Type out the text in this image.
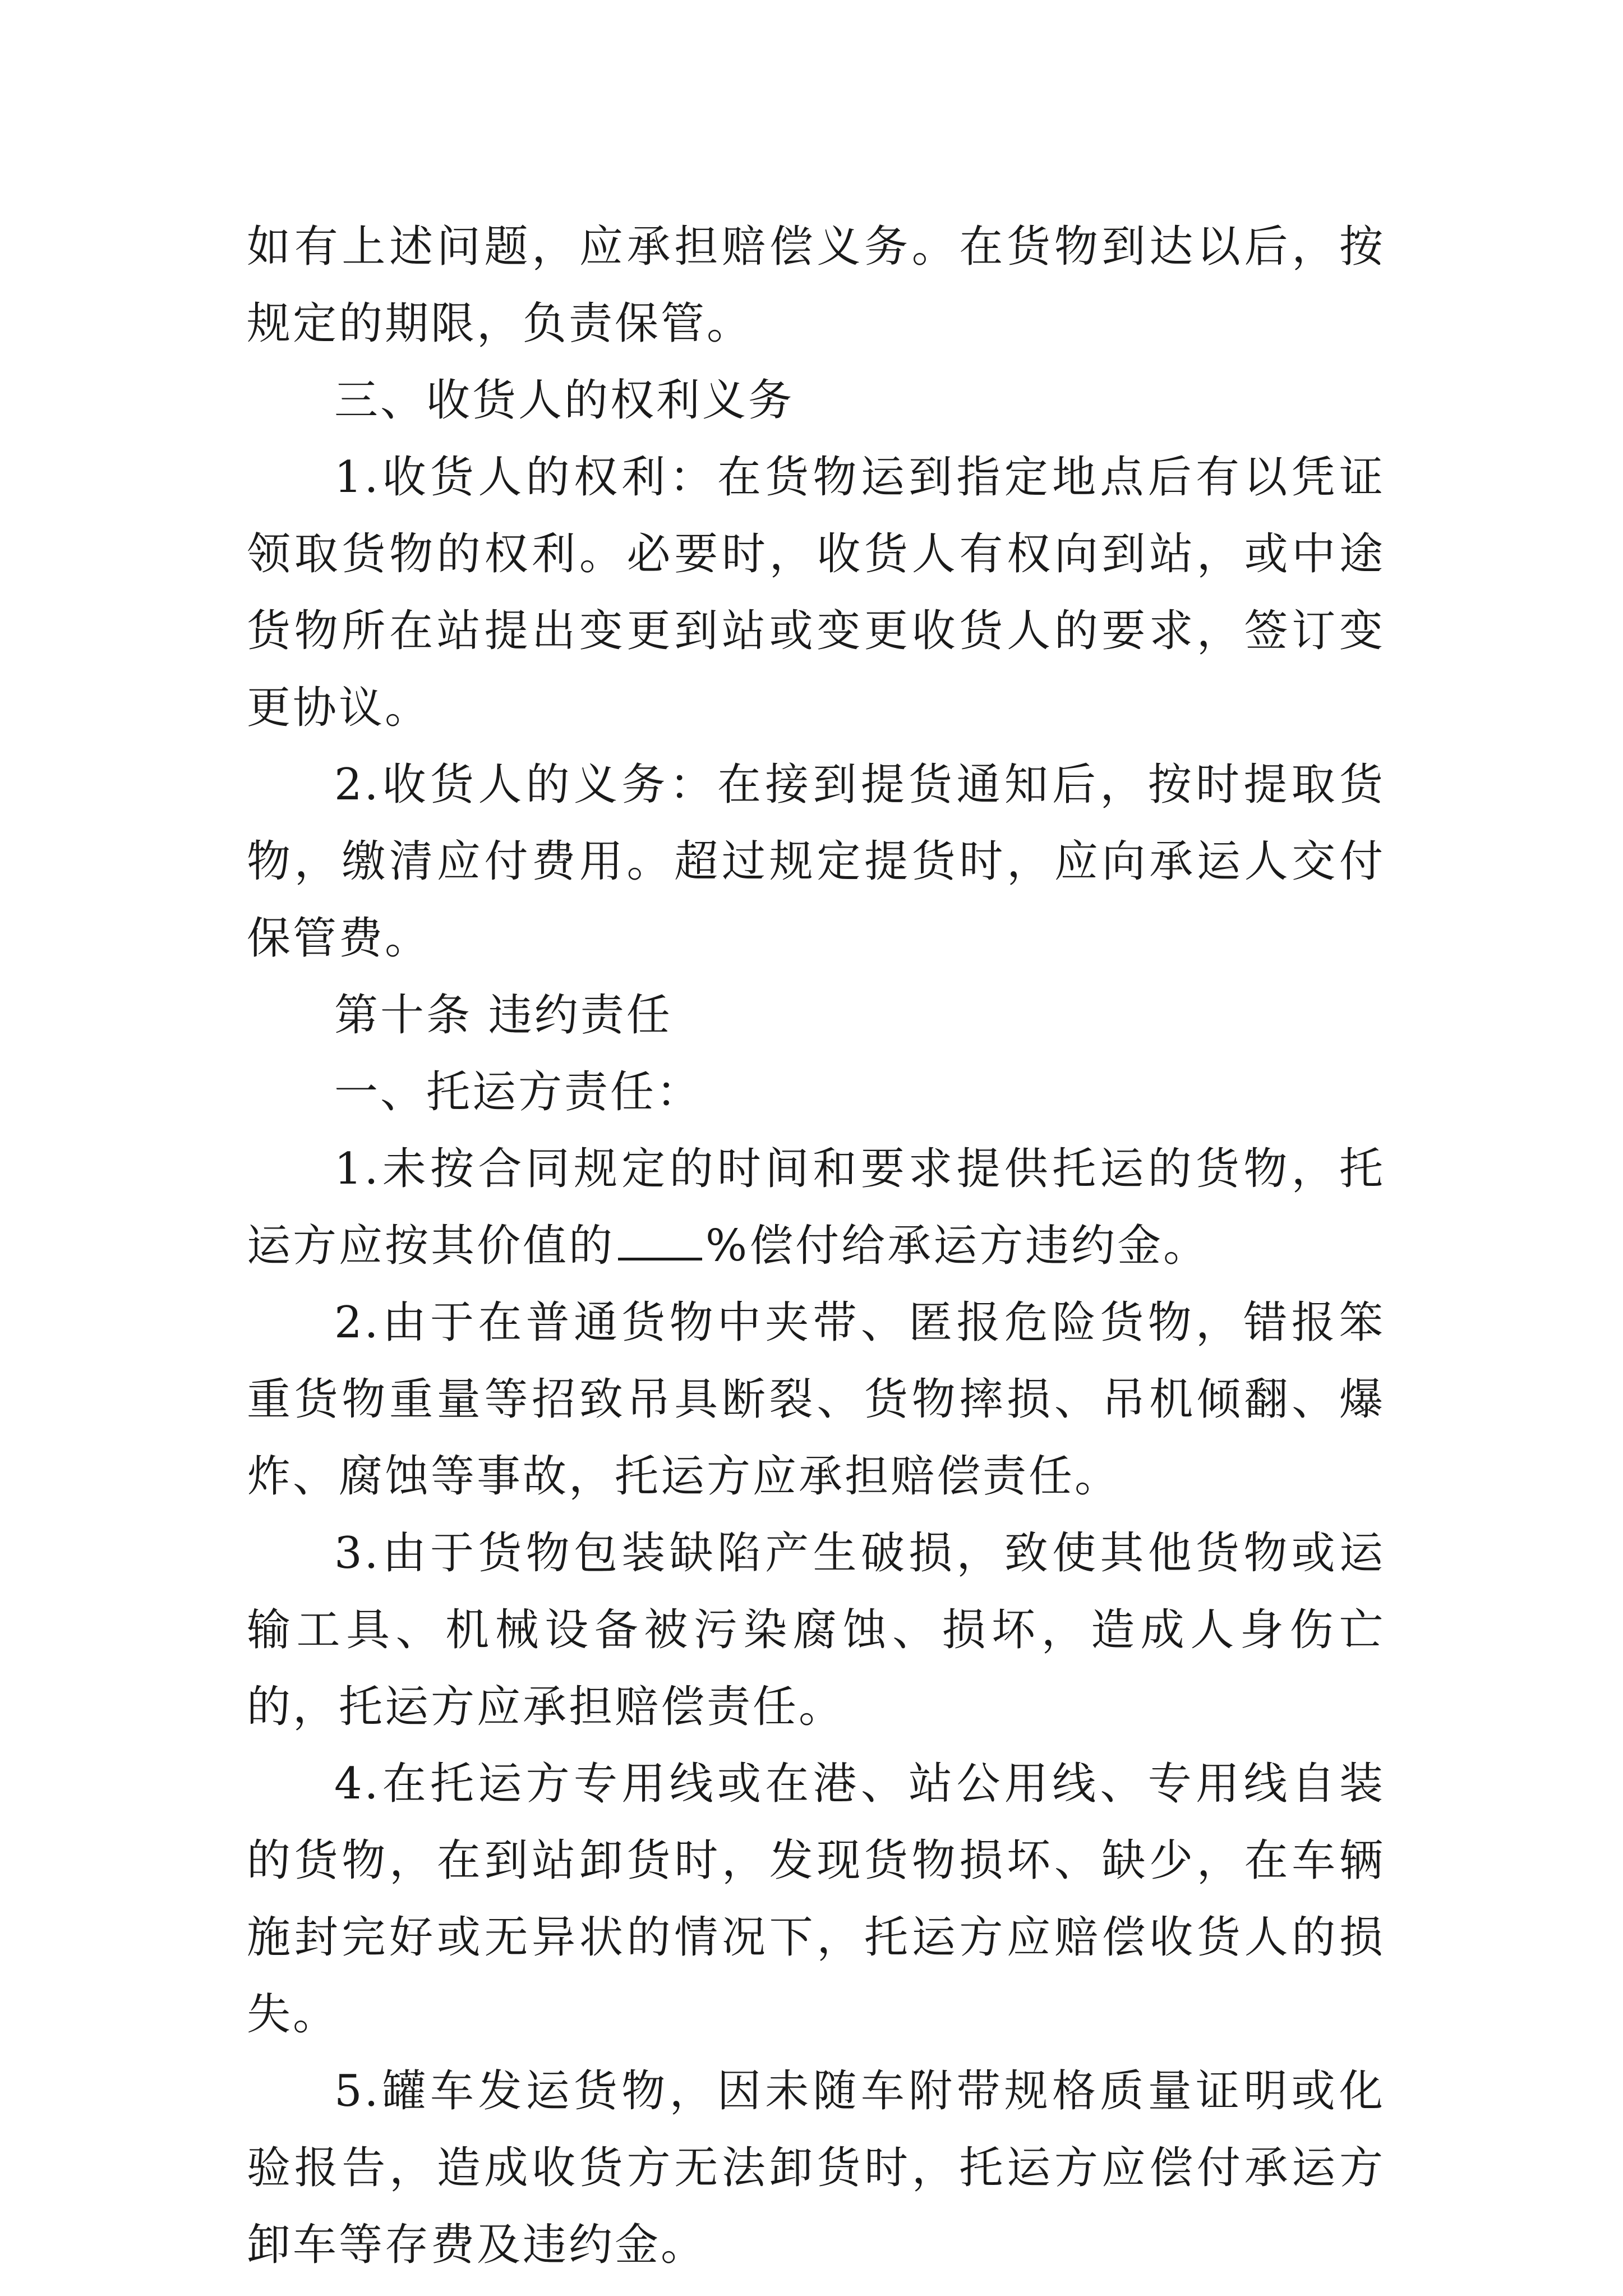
如有上述问题，应承担赔偿义务。在货物到达以后，按规定的期限，负责保管。

三、收货人的权利义务

1.收货人的权利：在货物运到指定地点后有以凭证领取货物的权利。必要时，收货人有权向到站，或中途货物所在站提出变更到站或变更收货人的要求，签订变更协议。

2.收货人的义务：在接到提货通知后，按时提取货物，缴清应付费用。超过规定提货时，应向承运人交付保管费。

第十条 违约责任

一、托运方责任：

1.未按合同规定的时间和要求提供托运的货物，托运方应按其价值的 %偿付给承运方违约金。

2.由于在普通货物中夹带、匿报危险货物，错报笨重货物重量等招致吊具断裂、货物摔损、吊机倾翻、爆炸、腐蚀等事故，托运方应承担赔偿责任。

3.由于货物包装缺陷产生破损，致使其他货物或运输工具、机械设备被污染腐蚀、损坏，造成人身伤亡的，托运方应承担赔偿责任。

4.在托运方专用线或在港、站公用线、专用线自装的货物，在到站卸货时，发现货物损坏、缺少，在车辆施封完好或无异状的情况下，托运方应赔偿收货人的损失。

5.罐车发运货物，因未随车附带规格质量证明或化验报告，造成收货方无法卸货时，托运方应偿付承运方卸车等存费及违约金。
